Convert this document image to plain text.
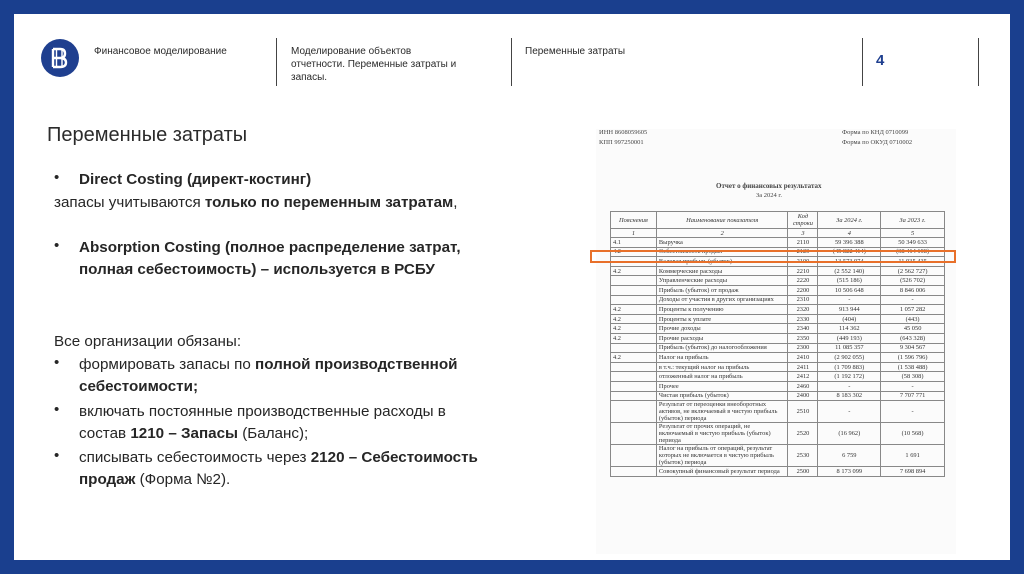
Финансовое моделирование	Моделирование объектов отчетности. Переменные затраты и запасы.
Переменные затраты
4
Переменные затраты
• Direct Costing (директ-костинг)
запасы учитываются только по переменным затратам,
• Absorption Costing (полное распределение затрат,
полная себестоимость) – используется в РСБУ
Все организации обязаны:
• формировать запасы по полной производственной
себестоимости;
• включать постоянные производственные расходы в
состав 1210 – Запасы (Баланс);
• списывать себестоимость через 2120 – Себестоимость
продаж (Форма №2).
ИНН 8608059605
КПП 997250001
Форма по КНД 0710099
Форма по ОКУД 0710002
Отчет о финансовых результатах
За 2024 г.
Пояснения	Наименование показателя	Код строки	За 2024 г.	За 2023 г.
1	2	3	4	5
4.1	Выручка	2110	59 396 388	50 349 633
4.2	Себестоимость продаж	2120	(45 822 414)	(38 414 198)
	Валовая прибыль (убыток)	2100	13 573 974	11 935 435
4.2	Коммерческие расходы	2210	(2 552 140)	(2 562 727)
	Управленческие расходы	2220	(515 186)	(526 702)
	Прибыль (убыток) от продаж	2200	10 506 648	8 846 006
	Доходы от участия в других организациях	2310	-	-
4.2	Проценты к получению	2320	913 944	1 057 282
4.2	Проценты к уплате	2330	(404)	(443)
4.2	Прочие доходы	2340	114 362	45 050
4.2	Прочие расходы	2350	(449 193)	(643 328)
	Прибыль (убыток) до налогообложения	2300	11 085 357	9 304 567
4.2	Налог на прибыль	2410	(2 902 055)	(1 596 796)
	в т.ч.: текущий налог на прибыль	2411	(1 709 883)	(1 538 488)
	отложенный налог на прибыль	2412	(1 192 172)	(58 308)
	Прочее	2460	-	-
	Чистая прибыль (убыток)	2400	8 183 302	7 707 771
	Результат от переоценки внеоборотных активов, не включаемый в чистую прибыль (убыток) периода	2510	-	-
	Результат от прочих операций, не включаемый в чистую прибыль (убыток) периода	2520	(16 962)	(10 568)
	Налог на прибыль от операций, результат которых не включается в чистую прибыль (убыток) периода	2530	6 759	1 691
	Совокупный финансовый результат периода	2500	8 173 099	7 698 894
